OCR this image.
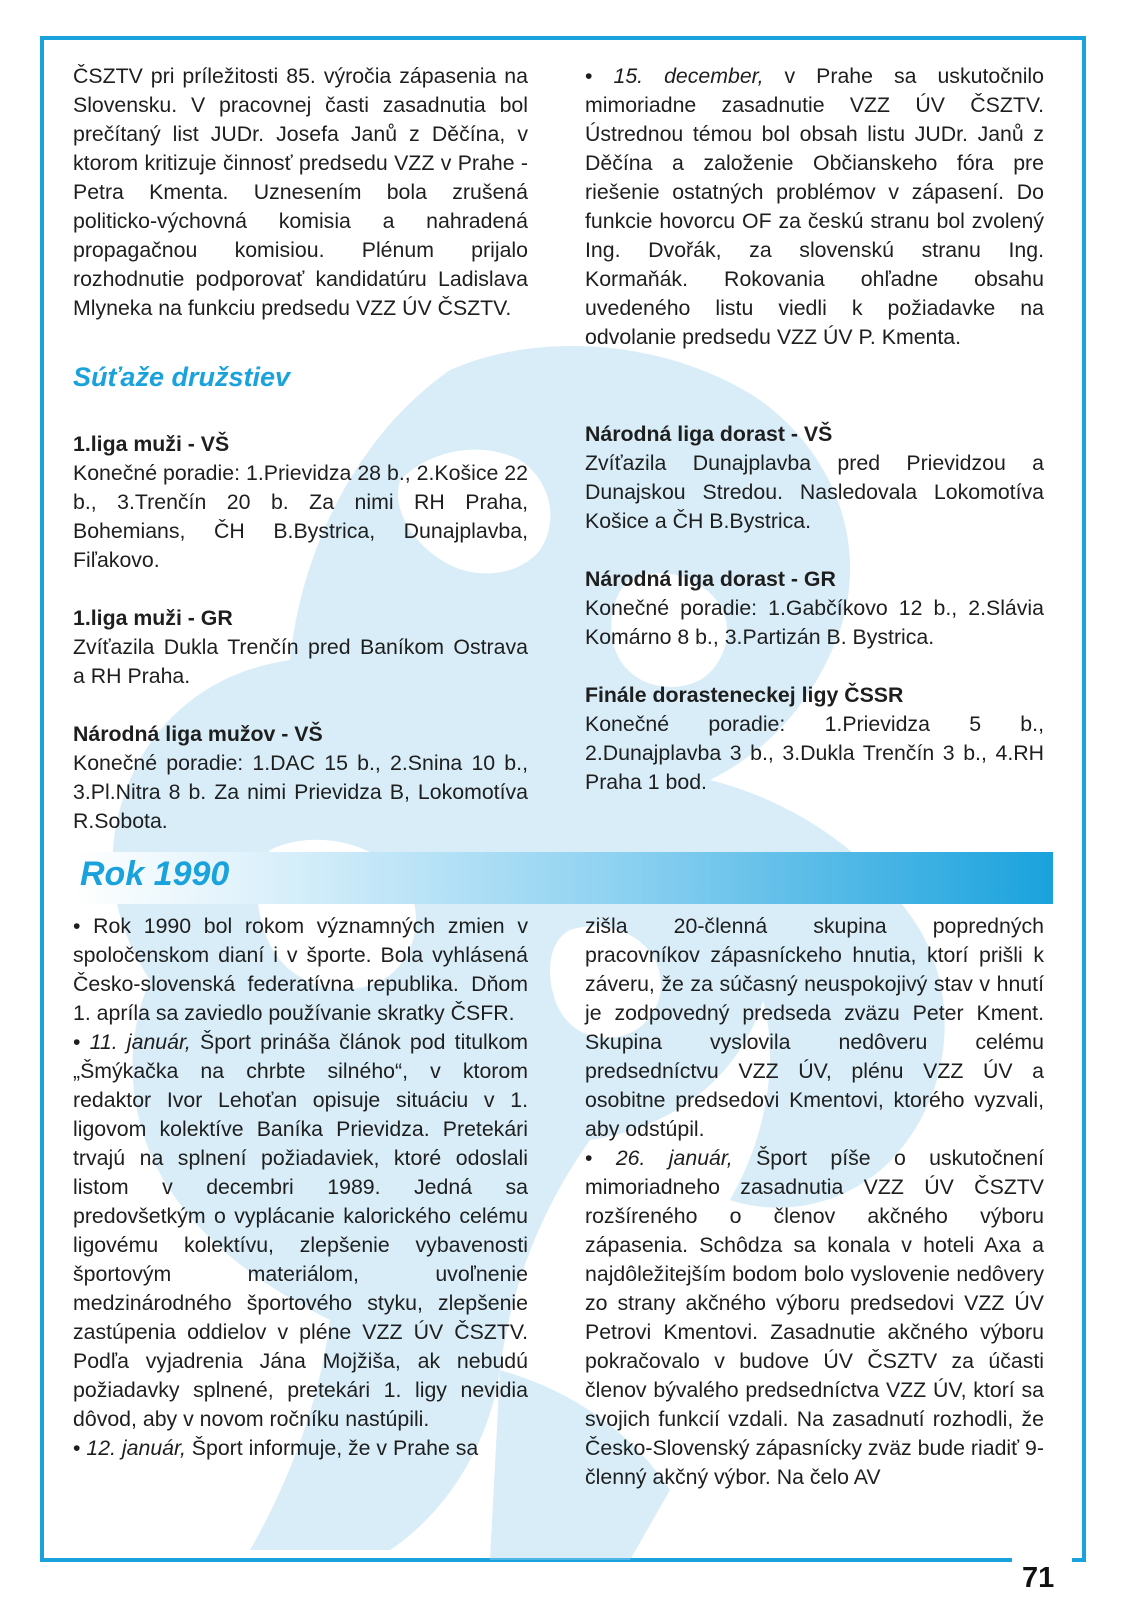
71

ČSZTV pri príležitosti 85. výročia zápasenia na Slovensku. V pracovnej časti zasadnutia bol prečítaný list JUDr. Josefa Janů z Děčína, v ktorom kritizuje činnosť predsedu VZZ v Prahe - Petra Kmenta. Uznesením bola zrušená politicko-výchovná komisia a nahradená propagačnou komisiou. Plénum prijalo rozhodnutie podporovať kandidatúru Ladislava Mlyneka na funkciu predsedu VZZ ÚV ČSZTV.

• 15. december, v Prahe sa uskutočnilo mimoriadne zasadnutie VZZ ÚV ČSZTV. Ústrednou témou bol obsah listu JUDr. Janů z Děčína a založenie Občianskeho fóra pre riešenie ostatných problémov v zápasení. Do funkcie hovorcu OF za českú stranu bol zvolený Ing. Dvořák, za slovenskú stranu Ing. Kormaňák. Rokovania ohľadne obsahu uvedeného listu viedli k požiadavke na odvolanie predsedu VZZ ÚV P. Kmenta.

Súťaže družstiev

1.liga muži - VŠ

Konečné poradie: 1.Prievidza 28 b., 2.Košice 22 b., 3.Trenčín 20 b. Za nimi RH Praha, Bohemians, ČH B.Bystrica, Dunajplavba, Fiľakovo.

1.liga muži - GR

Zvíťazila Dukla Trenčín pred Baníkom Ostrava a RH Praha.

Národná liga mužov - VŠ

Konečné poradie: 1.DAC 15 b., 2.Snina 10 b., 3.Pl.Nitra 8 b. Za nimi Prievidza B, Lokomotíva R.Sobota.

Národná liga dorast - VŠ

Zvíťazila Dunajplavba pred Prievidzou a Dunajskou Stredou. Nasledovala Lokomotíva Košice a ČH B.Bystrica.

Národná liga dorast - GR

Konečné poradie: 1.Gabčíkovo 12 b., 2.Slávia Komárno 8 b., 3.Partizán B. Bystrica.

Finále dorasteneckej ligy ČSSR

Konečné poradie: 1.Prievidza 5 b., 2.Dunajplavba 3 b., 3.Dukla Trenčín 3 b., 4.RH Praha 1 bod.

Rok 1990

• Rok 1990 bol rokom významných zmien v spoločenskom dianí i v športe. Bola vyhlásená Česko-slovenská federatívna republika. Dňom 1. apríla sa zaviedlo používanie skratky ČSFR.

• 11. január, Šport prináša článok pod titulkom „Šmýkačka na chrbte silného“, v ktorom redaktor Ivor Lehoťan opisuje situáciu v 1. ligovom kolektíve Baníka Prievidza. Pretekári trvajú na splnení požiadaviek, ktoré odoslali listom v decembri 1989. Jedná sa predovšetkým o vyplácanie kalorického celému ligovému kolektívu, zlepšenie vybavenosti športovým materiálom, uvoľnenie medzinárodného športového styku, zlepšenie zastúpenia oddielov v pléne VZZ ÚV ČSZTV. Podľa vyjadrenia Jána Mojžiša, ak nebudú požiadavky splnené, pretekári 1. ligy nevidia dôvod, aby v novom ročníku nastúpili.

• 12. január, Šport informuje, že v Prahe sa

zišla 20-členná skupina popredných pracovníkov zápasníckeho hnutia, ktorí prišli k záveru, že za súčasný neuspokojivý stav v hnutí je zodpovedný predseda zväzu Peter Kment. Skupina vyslovila nedôveru celému predsedníctvu VZZ ÚV, plénu VZZ ÚV a osobitne predsedovi Kmentovi, ktorého vyzvali, aby odstúpil.

• 26. január, Šport píše o uskutočnení mimoriadneho zasadnutia VZZ ÚV ČSZTV rozšíreného o členov akčného výboru zápasenia. Schôdza sa konala v hoteli Axa a najdôležitejším bodom bolo vyslovenie nedôvery zo strany akčného výboru predsedovi VZZ ÚV Petrovi Kmentovi. Zasadnutie akčného výboru pokračovalo v budove ÚV ČSZTV za účasti členov bývalého predsedníctva VZZ ÚV, ktorí sa svojich funkcií vzdali. Na zasadnutí rozhodli, že Česko-Slovenský zápasnícky zväz bude riadiť 9-členný akčný výbor. Na čelo AV
